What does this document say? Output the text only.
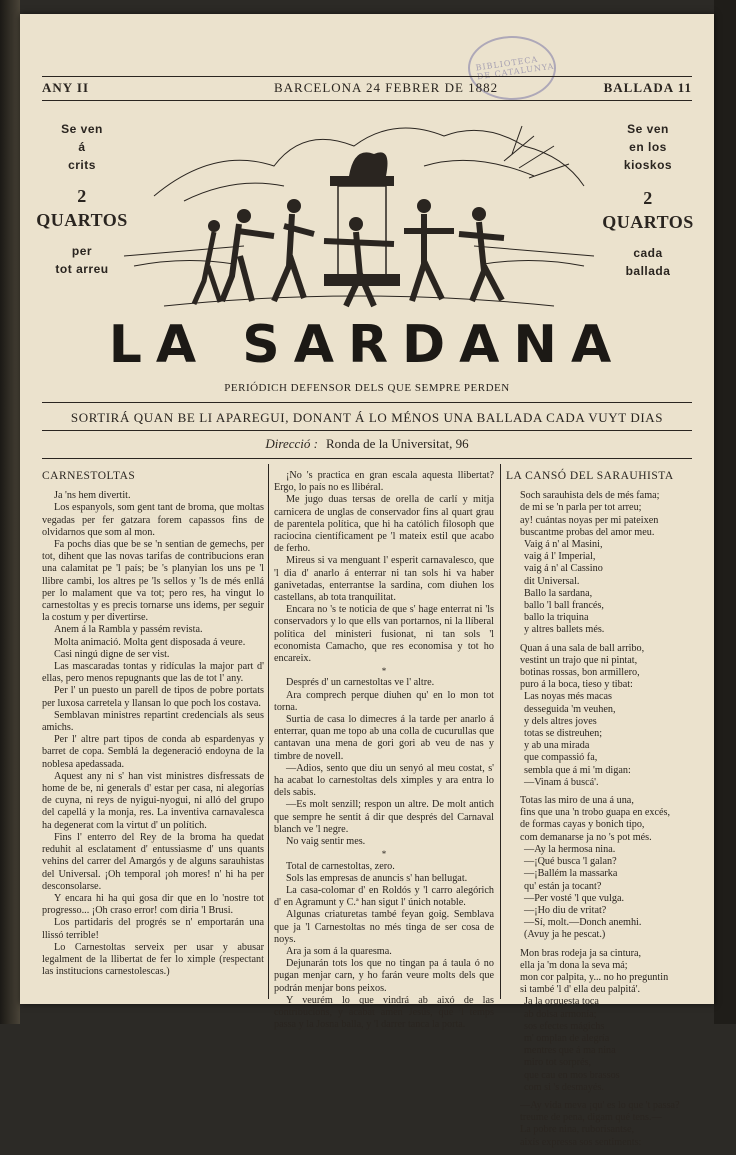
BIBLIOTECA DE CATALUNYA
ANY II	BARCELONA 24 FEBRER DE 1882	BALLADA 11
Se ven
á
crits
2
QUARTOS
per
tot arreu
Se ven
en los
kioskos
2
QUARTOS
cada
ballada
LA SARDANA
PERIÓDICH DEFENSOR DELS QUE SEMPRE PERDEN
SORTIRÁ QUAN BE LI APAREGUI, DONANT Á LO MÉNOS UNA BALLADA CADA VUYT DIAS
Direcció : Ronda de la Universitat, 96

CARNESTOLTAS

Ja 'ns hem divertit.

Los espanyols, som gent tant de broma, que moltas vegadas per fer gatzara forem capassos fins de olvidarnos que som al mon.

Fa pochs dias que be se 'n sentian de gemechs, per tot, dihent que las novas tarifas de contribucions eran una calamitat pe 'l país; be 's planyian los uns pe 'l llibre cambi, los altres pe 'ls sellos y 'ls de més enllá per lo malament que va tot; pero res, ha vingut lo carnestoltas y es precis tornarse uns idems, per seguir la costum y per divertirse.

Anem á la Rambla y passém revista.

Molta animació. Molta gent disposada á veure.

Casi ningú digne de ser vist.

Las mascaradas tontas y ridículas la major part d' ellas, pero menos repugnants que las de tot l' any.

Per l' un puesto un parell de tipos de pobre portats per luxosa carretela y llansan lo que poch los costava.

Semblavan ministres repartint credencials als seus amichs.

Per l' altre part tipos de conda ab espardenyas y barret de copa. Semblá la degeneració endoyna de la noblesa apedassada.

Aquest any ni s' han vist ministres disfressats de home de be, ni generals d' estar per casa, ni alegorías de cuyna, ni reys de nyigui-nyogui, ni alló del grupo del capellá y la monja, res. La inventiva carnavalesca ha degenerat com la virtut d' un polítich.

Fins l' enterro del Rey de la broma ha quedat reduhit al esclatament d' entussiasme d' uns quants vehins del carrer del Amargós y de alguns sarauhistas del Universal. ¡Oh temporal ¡oh mores! n' hi ha per desconsolarse.

Y encara hi ha qui gosa dir que en lo 'nostre tot progresso... ¡Oh craso error! com diria 'l Brusi.

Los partidaris del progrés se n' emportarán una llissó terrible!

Lo Carnestoltas serveix per usar y abusar legalment de la llibertat de fer lo ximple (respectant las institucions carnestolescas.)

¡No 's practica en gran escala aquesta llibertat? Ergo, lo país no es llibéral.

Me jugo duas tersas de orella de carlí y mitja carnicera de unglas de conservador fins al quart grau de parentela política, que hi ha católich filosoph que raciocina científicament pe 'l mateix estil que acabo de ferho.

Mireus si va menguant l' esperit carnavalesco, que 'l dia d' anarlo á enterrar ni tan sols hi va haber ganivetadas, enterrantse la sardina, com diuhen los castellans, ab tota tranquilitat.

Encara no 's te noticia de que s' hage enterrat ni 'ls conservadors y lo que ells van portarnos, ni la llíberal política del ministeri fusionat, ni tan sols 'l economista Camacho, que res economisa y tot ho encareix.

*

Després d' un carnestoltas ve l' altre.

Ara comprech perque diuhen qu' en lo mon tot torna.

Surtia de casa lo dimecres á la tarde per anarlo á enterrar, quan me topo ab una colla de cucurullas que cantavan una mena de gori gori ab veu de nas y timbre de novell.

—Adios, sento que diu un senyó al meu costat, s' ha acabat lo carnestoltas dels ximples y ara entra lo dels sabis.

—Es molt senzill; respon un altre. De molt antich que sempre he sentit á dir que després del Carnaval blanch ve 'l negre.

No vaig sentir mes.

*

Total de carnestoltas, zero.

Sols las empresas de anuncis s' han bellugat.

La casa-colomar d' en Roldós y 'l carro alegórich d' en Agramunt y C.ª han sigut l' únich notable.

Algunas criaturetas també feyan goig. Semblava que ja 'l Carnestoltas no més tinga de ser cosa de noys.

Ara ja som á la quaresma.

Dejunarán tots los que no tingan pa á taula ó no pugan menjar carn, y ho farán veure molts dels que podrán menjar bons peixos.

Y veurém lo que vindrá ab aixó de las contribucions, y acabat amen Jesús, que 'l temps passa y la Josna balla, y 'l darrer tanca la porta.

LA CANSÓ DEL SARAUHISTA

Soch sarauhista dels de més fama;

de mi se 'n parla per tot arreu;

ay! cuántas noyas per mi pateixen

buscantme probas del amor meu.

Vaig á n' al Masini,

vaig á l' Imperial,

vaig á n' al Cassino

dit Universal.

Ballo la sardana,

ballo 'l ball francés,

ballo la triquina

y altres ballets més.

Quan á una sala de ball arribo,

vestint un trajo que ni pintat,

botinas rossas, bon armillero,

puro á la boca, tieso y tibat:

Las noyas més macas

desseguida 'm veuhen,

y dels altres joves

totas se distreuhen;

y ab una mirada

que compassió fa,

sembla que á mi 'm digan:

—Vinam á buscá'.

Totas las miro de una á una,

fins que una 'n trobo guapa en excés,

de formas cayas y bonich tipo,

com demanarse ja no 's pot més.

—Ay la hermosa nina.

—¡Qué busca 'l galan?

—¡Ballém la massarka

qu' están ja tocant?

—Per vosté 'l que vulga.

—¡Ho diu de vritat?

—Sí, molt.—Donch anemhi.

(Avuy ja he pescat.)

Mon bras rodeja ja sa cintura,

ella ja 'm dona la seva má;

mon cor palpita, y... no ho preguntin

si també 'l d' ella deu palpitá'.

Ja la orquesta toca

ab dolsa armonía;

sos efectes mágichs

m' omplan de alegría

mentres que á ma nina

miro tot sorprés,

que cau en mos brassos

com si 's desmayés.

—Ay vida meva ¡qu' es lo que 't passa?

treume de pena, digam qué tens.—

La pobre nina, ruborisantse,

aixís expressa sos sentiments:
